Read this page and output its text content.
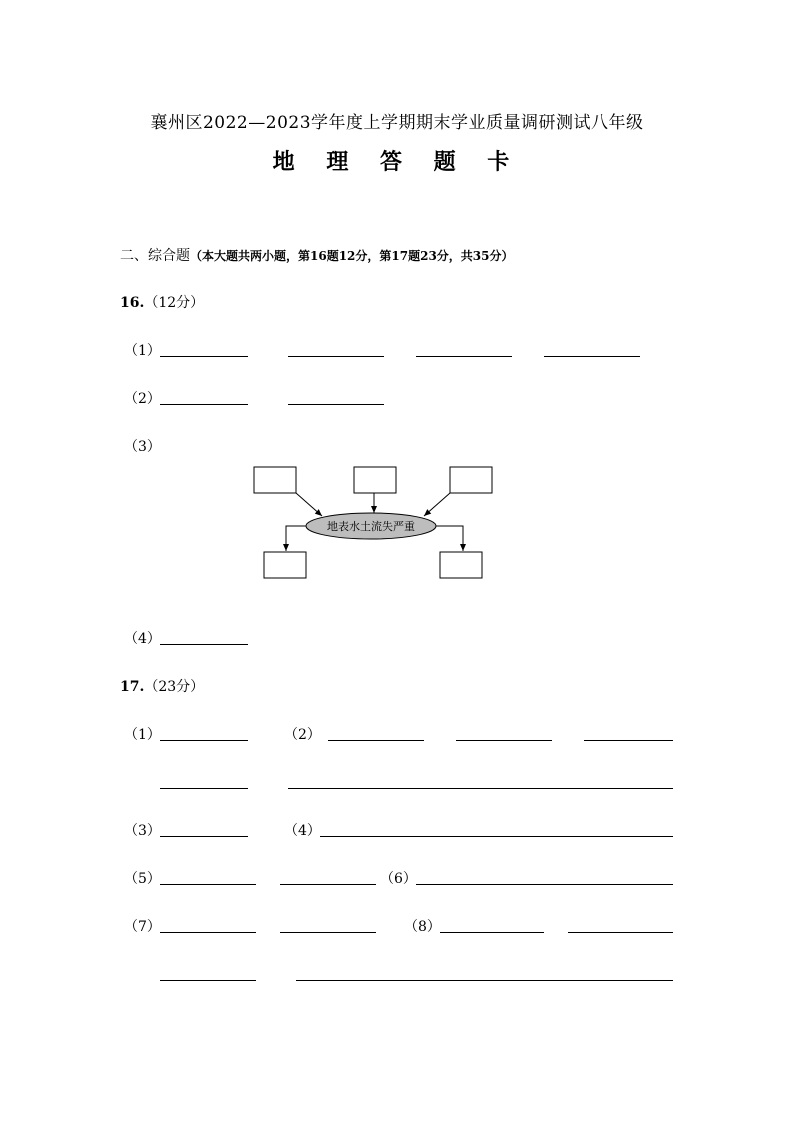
襄州区2022—2023学年度上学期期末学业质量调研测试八年级
地 理 答 题 卡
二、综合题（本大题共两小题，第16题12分，第17题23分，共35分）
16.（12分）
（1）
（2）
（3）
地表水土流失严重
（4）
17.（23分）
（1）	（2）
（3）	（4）
（5）	（6）
（7）	（8）
